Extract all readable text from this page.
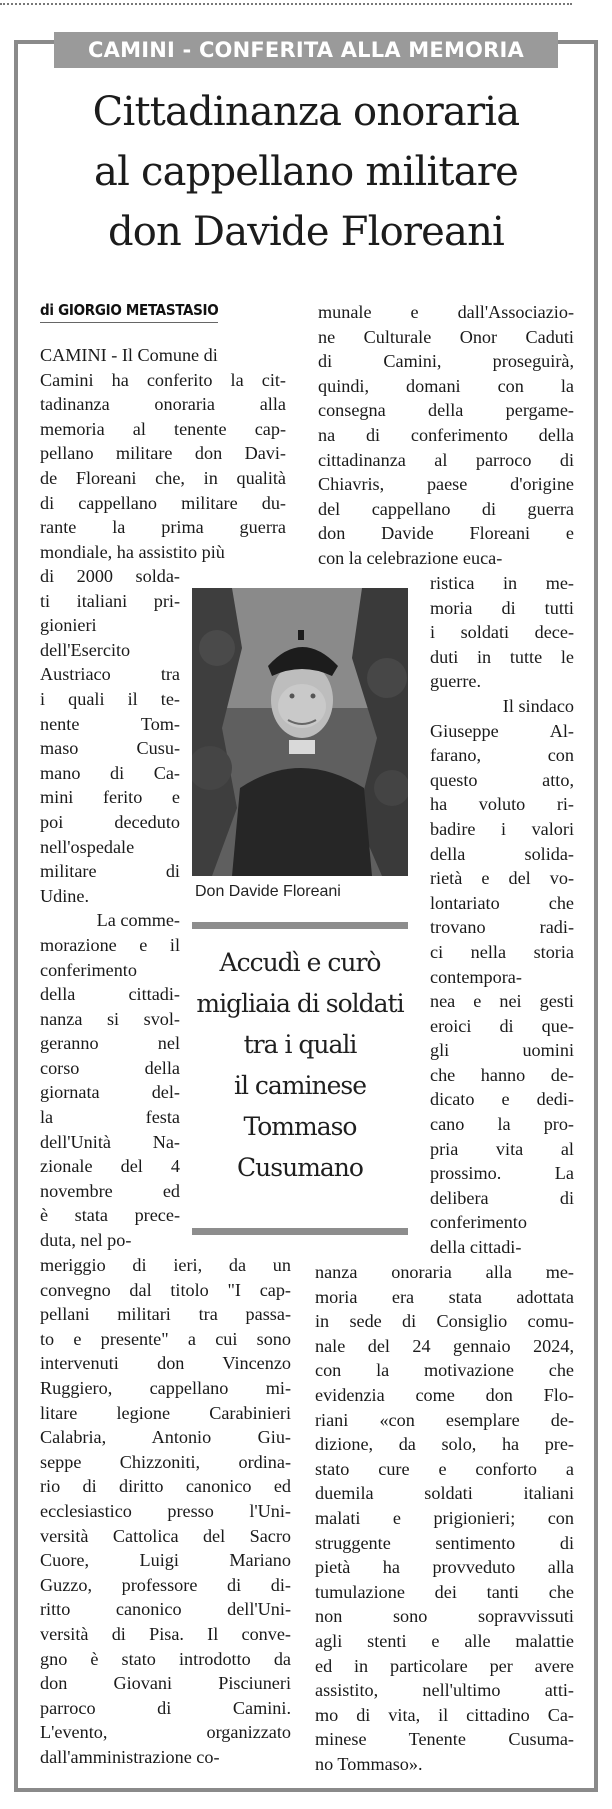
CAMINI - CONFERITA ALLA MEMORIA
Cittadinanza onoraria
al cappellano militare
don Davide Floreani
di GIORGIO METASTASIO
CAMINI - Il Comune di
Camini ha conferito la cit-
tadinanza onoraria alla
memoria al tenente cap-
pellano militare don Davi-
de Floreani che, in qualità
di cappellano militare du-
rante la prima guerra
mondiale, ha assistito più
di 2000 solda-
ti italiani pri-
gionieri
dell'Esercito
Austriaco tra
i quali il te-
nente Tom-
maso Cusu-
mano di Ca-
mini ferito e
poi deceduto
nell'ospedale
militare di
Udine.
La comme-
morazione e il
conferimento
della cittadi-
nanza si svol-
geranno nel
corso della
giornata del-
la festa
dell'Unità Na-
zionale del 4
novembre ed
è stata prece-
duta, nel po-
meriggio di ieri, da un
convegno dal titolo "I cap-
pellani militari tra passa-
to e presente" a cui sono
intervenuti don Vincenzo
Ruggiero, cappellano mi-
litare legione Carabinieri
Calabria, Antonio Giu-
seppe Chizzoniti, ordina-
rio di diritto canonico ed
ecclesiastico presso l'Uni-
versità Cattolica del Sacro
Cuore, Luigi Mariano
Guzzo, professore di di-
ritto canonico dell'Uni-
versità di Pisa. Il conve-
gno è stato introdotto da
don Giovani Pisciuneri
parroco di Camini.
L'evento, organizzato
dall'amministrazione co-
munale e dall'Associazio-
ne Culturale Onor Caduti
di Camini, proseguirà,
quindi, domani con la
consegna della pergame-
na di conferimento della
cittadinanza al parroco di
Chiavris, paese d'origine
del cappellano di guerra
don Davide Floreani e
con la celebrazione euca-
ristica in me-
moria di tutti
i soldati dece-
duti in tutte le
guerre.
Il sindaco
Giuseppe Al-
farano, con
questo atto,
ha voluto ri-
badire i valori
della solida-
rietà e del vo-
lontariato che
trovano radi-
ci nella storia
contempora-
nea e nei gesti
eroici di que-
gli uomini
che hanno de-
dicato e dedi-
cano la pro-
pria vita al
prossimo. La
delibera di
conferimento
della cittadi-
nanza onoraria alla me-
moria era stata adottata
in sede di Consiglio comu-
nale del 24 gennaio 2024,
con la motivazione che
evidenzia come don Flo-
riani «con esemplare de-
dizione, da solo, ha pre-
stato cure e conforto a
duemila soldati italiani
malati e prigionieri; con
struggente sentimento di
pietà ha provveduto alla
tumulazione dei tanti che
non sono sopravvissuti
agli stenti e alle malattie
ed in particolare per avere
assistito, nell'ultimo atti-
mo di vita, il cittadino Ca-
minese Tenente Cusuma-
no Tommaso».
Don Davide Floreani
Accudì e curò
migliaia di soldati
tra i quali
il caminese
Tommaso
Cusumano
